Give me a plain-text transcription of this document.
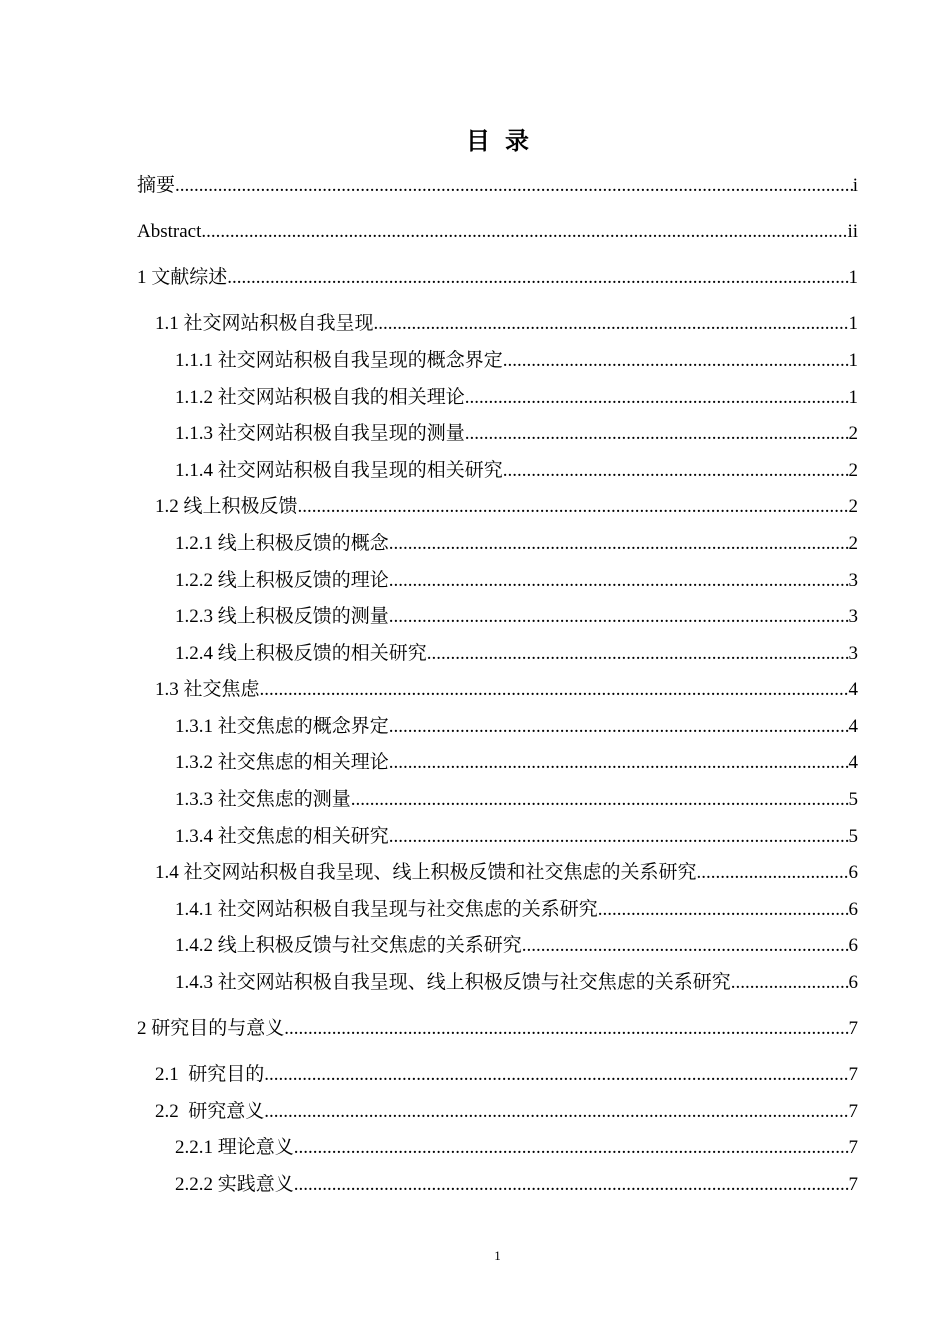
目 录
摘要 .....	i
Abstract .....	ii
1 文献综述 .....	1
1.1 社交网站积极自我呈现 .....	1
1.1.1 社交网站积极自我呈现的概念界定 .....	1
1.1.2 社交网站积极自我的相关理论 .....	1
1.1.3 社交网站积极自我呈现的测量 .....	2
1.1.4 社交网站积极自我呈现的相关研究 .....	2
1.2 线上积极反馈 .....	2
1.2.1 线上积极反馈的概念 .....	2
1.2.2 线上积极反馈的理论 .....	3
1.2.3 线上积极反馈的测量 .....	3
1.2.4 线上积极反馈的相关研究 .....	3
1.3 社交焦虑 .....	4
1.3.1 社交焦虑的概念界定 .....	4
1.3.2 社交焦虑的相关理论 .....	4
1.3.3 社交焦虑的测量 .....	5
1.3.4 社交焦虑的相关研究 .....	5
1.4 社交网站积极自我呈现、线上积极反馈和社交焦虑的关系研究 .....	6
1.4.1 社交网站积极自我呈现与社交焦虑的关系研究 .....	6
1.4.2 线上积极反馈与社交焦虑的关系研究 .....	6
1.4.3 社交网站积极自我呈现、线上积极反馈与社交焦虑的关系研究 .....	6
2 研究目的与意义 .....	7
2.1  研究目的 .....	7
2.2  研究意义 .....	7
2.2.1 理论意义 .....	7
2.2.2 实践意义 .....	7
1
